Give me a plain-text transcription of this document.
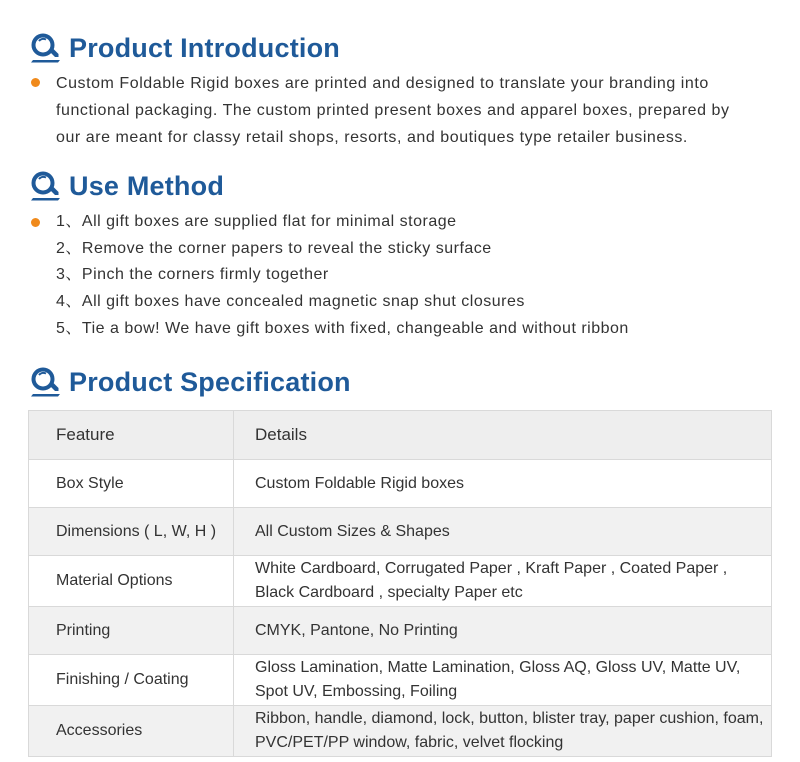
Product Introduction
Custom Foldable Rigid boxes are printed and designed to translate your branding into functional packaging. The custom printed present boxes and apparel boxes, prepared by our are meant for classy retail shops, resorts, and boutiques type retailer business.
Use Method
1、All gift boxes are supplied flat for minimal storage
2、Remove the corner papers to reveal the sticky surface
3、Pinch the corners firmly together
4、All gift boxes have concealed magnetic snap shut closures
5、Tie a bow! We have gift boxes with fixed, changeable and without ribbon
Product Specification
Feature	Details
Box Style	Custom Foldable Rigid boxes
Dimensions ( L, W, H )	All Custom Sizes & Shapes
Material Options	White Cardboard, Corrugated Paper , Kraft Paper , Coated Paper , Black Cardboard , specialty Paper etc
Printing	CMYK, Pantone, No Printing
Finishing / Coating	Gloss Lamination, Matte Lamination, Gloss AQ, Gloss UV, Matte UV, Spot UV, Embossing, Foiling
Accessories	Ribbon, handle, diamond, lock, button, blister tray, paper cushion, foam, PVC/PET/PP window, fabric, velvet flocking
